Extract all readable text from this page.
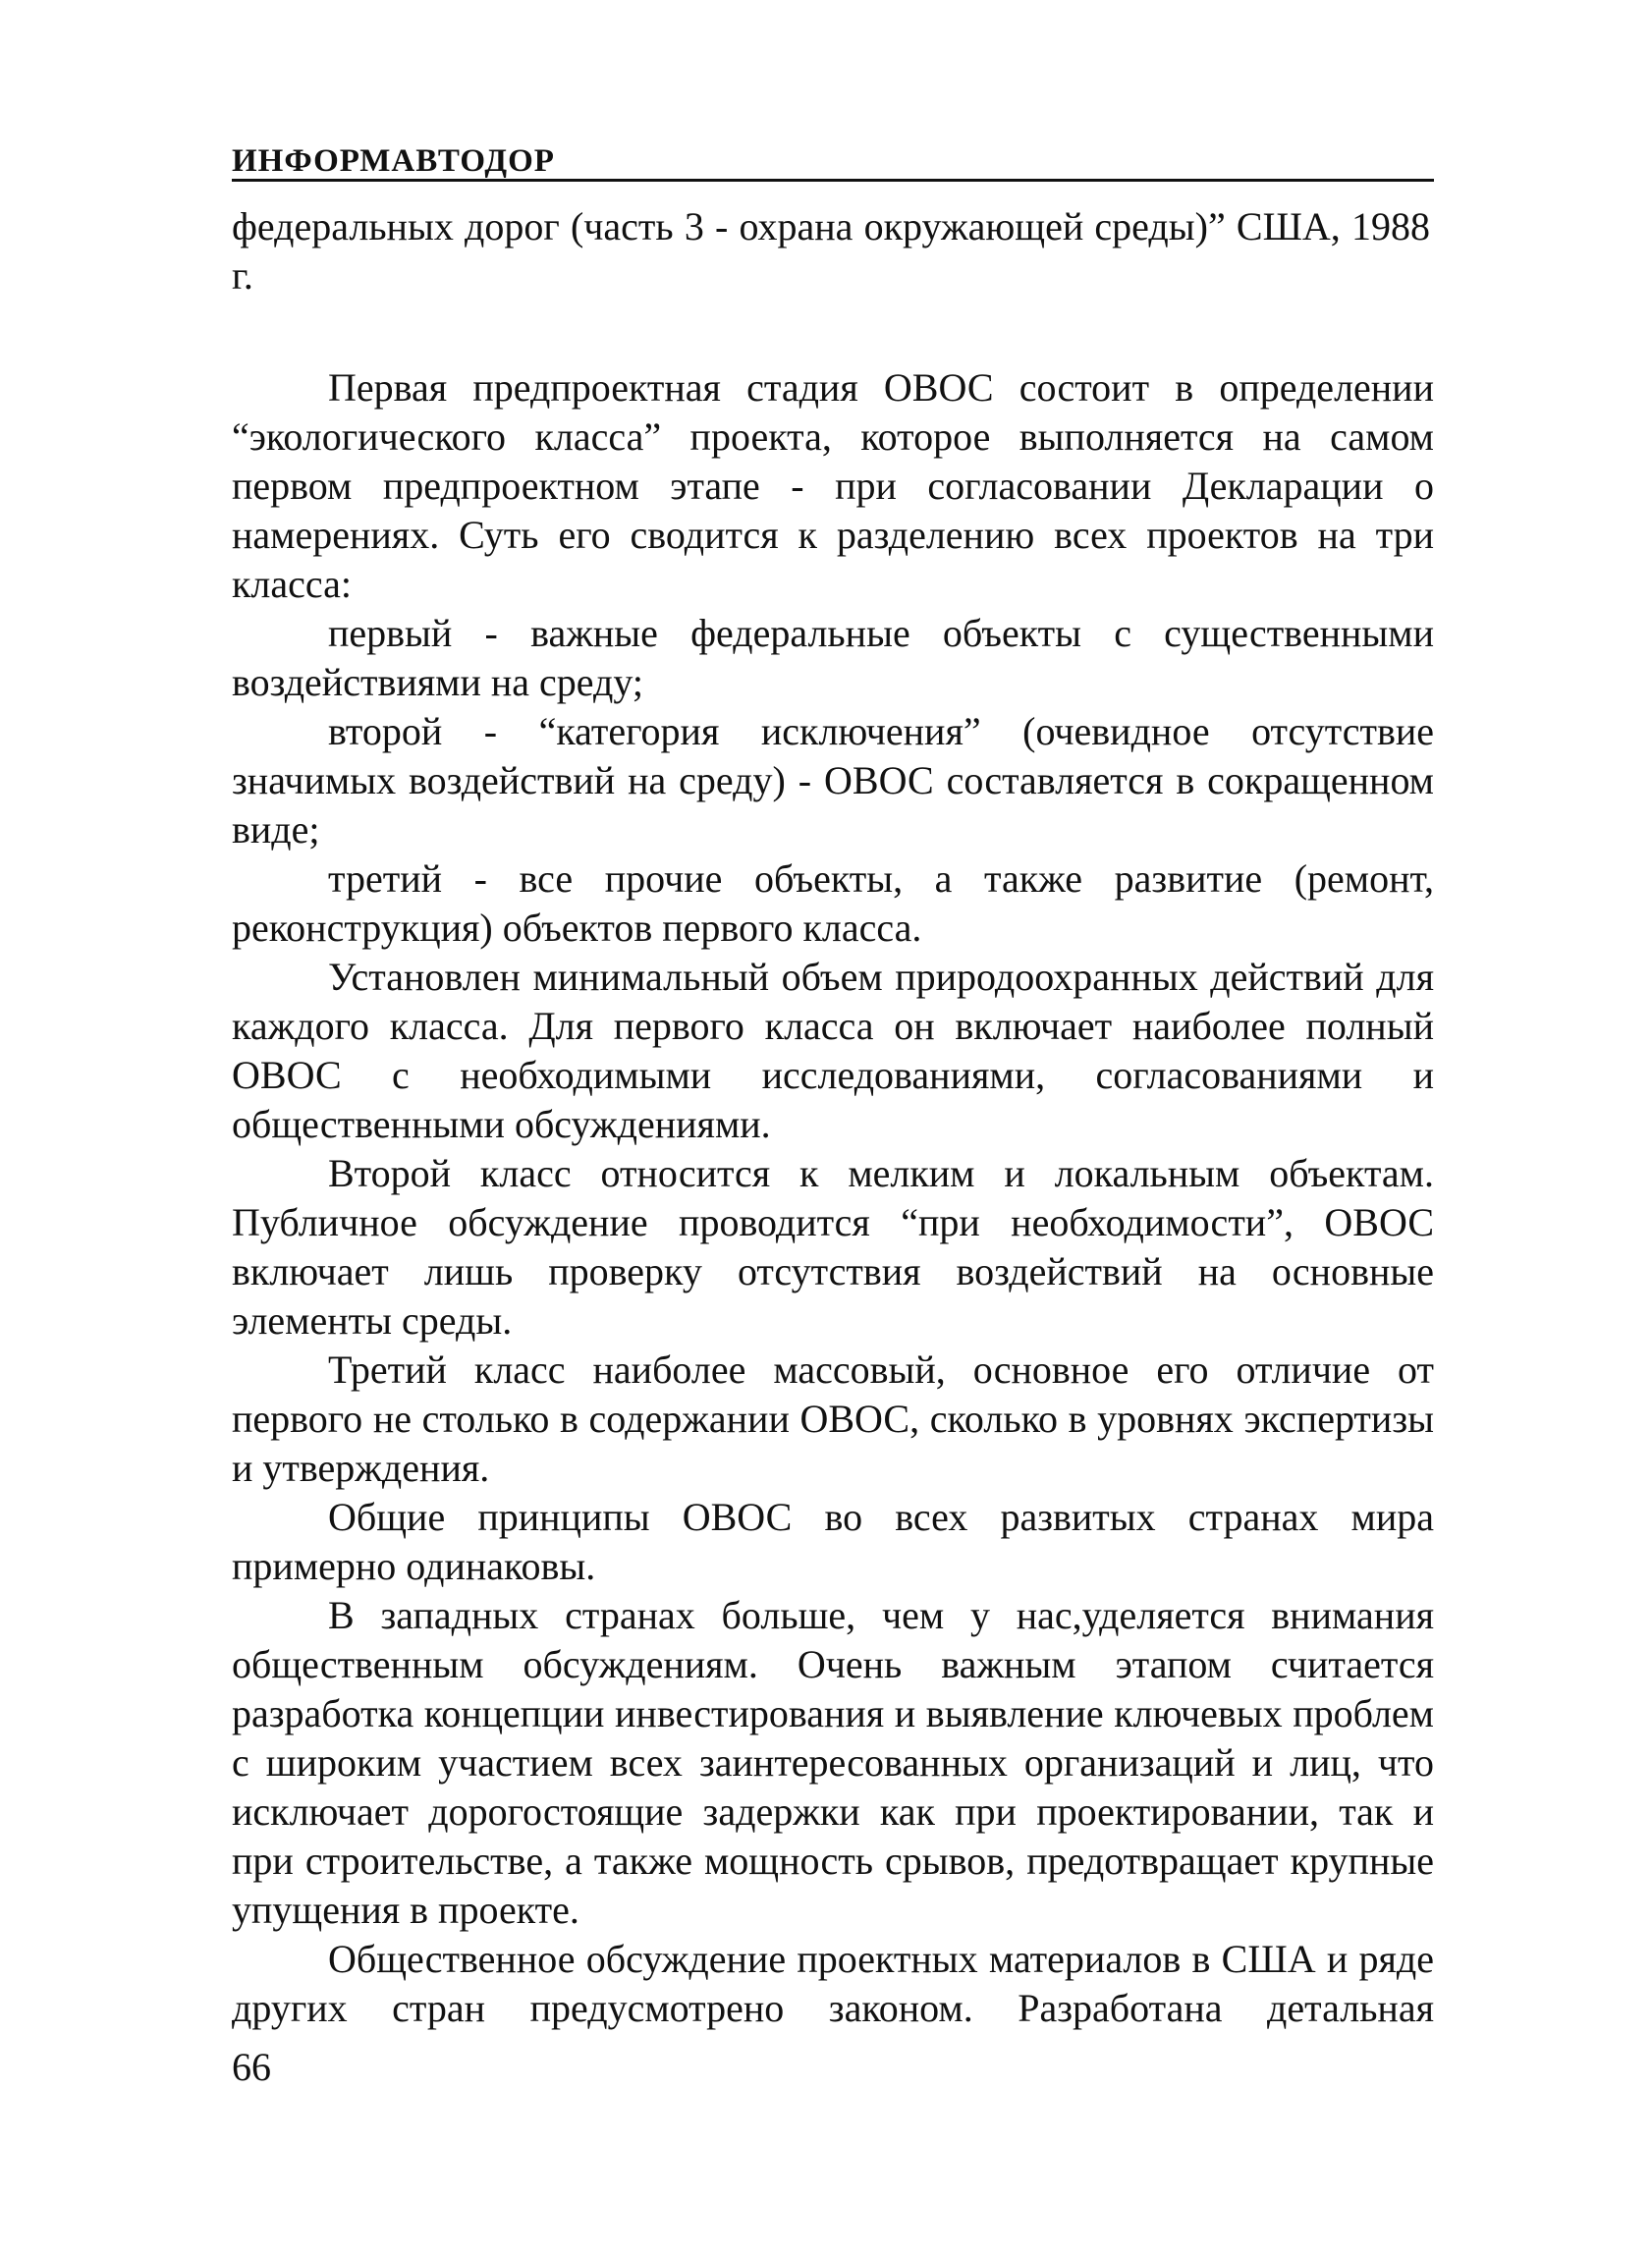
ИНФОРМАВТОДОР

федеральных дорог (часть 3 - охрана окружающей среды)” США, 1988 г.

Первая предпроектная стадия ОВОС состоит в определении “экологического класса” проекта, которое выполняется на самом первом предпроектном этапе - при согласовании Декларации о намерениях. Суть его сводится к разделению всех проектов на три класса:

первый - важные федеральные объекты с существенными воздействиями на среду;

второй - “категория исключения” (очевидное отсутствие значимых воздействий на среду) - ОВОС составляется в сокращенном виде;

третий - все прочие объекты, а также развитие (ремонт, реконструкция) объектов первого класса.

Установлен минимальный объем природоохранных действий для каждого класса. Для первого класса он включает наиболее полный ОВОС с необходимыми исследованиями, согласованиями и общественными обсуждениями.

Второй класс относится к мелким и локальным объектам. Публичное обсуждение проводится “при необходимости”, ОВОС включает лишь проверку отсутствия воздействий на основные элементы среды.

Третий класс наиболее массовый, основное его отличие от первого не столько в содержании ОВОС, сколько в уровнях экспертизы и утверждения.

Общие принципы ОВОС во всех развитых странах мира примерно одинаковы.

В западных странах больше, чем у нас,уделяется внимания общественным обсуждениям. Очень важным этапом считается разработка концепции инвестирования и выявление ключевых проблем с широким участием всех заинтересованных организаций и лиц, что исключает дорогостоящие задержки как при проектировании, так и при строительстве, а также мощность срывов, предотвращает крупные упущения в проекте.

Общественное обсуждение проектных материалов в США и ряде других стран предусмотрено законом. Разработана детальная

66
